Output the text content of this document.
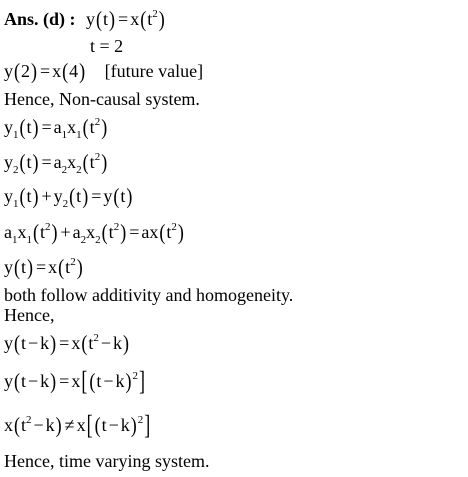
Ans. (d) : $y(t) = x(t^2)$
t = 2
y(2) = x(4) [future value]
Hence, Non-causal system.
$y_1(t) = a_1x_1(t^2)$
$y_2(t) = a_2x_2(t^2)$
$y_1(t) + y_2(t) = y(t)$
$a_1x_1(t^2) + a_2x_2(t^2) = ax(t^2)$
$y(t) = x(t^2)$
both follow additivity and homogeneity.
Hence,
$y(t - k) = x(t^2 - k)$
y(t − k) = x[ $(t - k)^2$]
$x(t^2 - k) \ne x$[ $(t - k)^2$]
Hence, time varying system.
